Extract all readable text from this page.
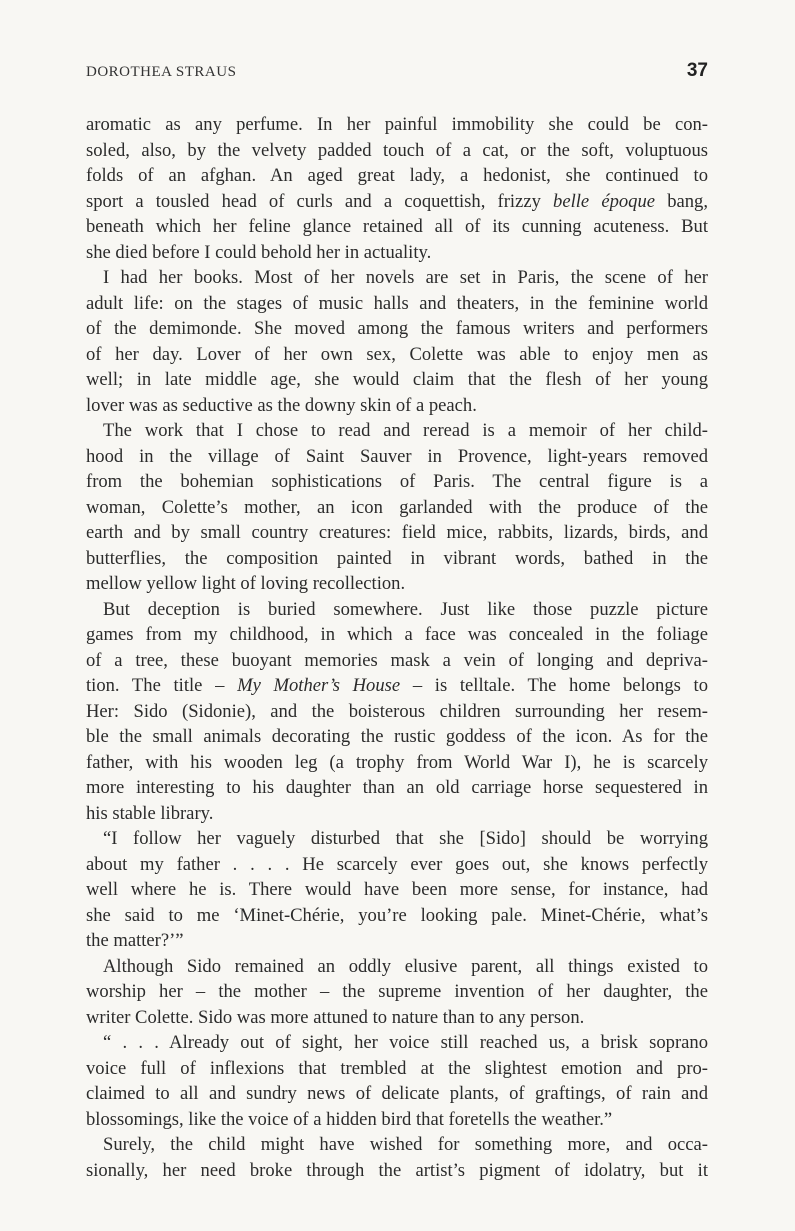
DOROTHEA STRAUS	37
aromatic as any perfume. In her painful immobility she could be con-
soled, also, by the velvety padded touch of a cat, or the soft, voluptuous
folds of an afghan. An aged great lady, a hedonist, she continued to
sport a tousled head of curls and a coquettish, frizzy belle époque bang,
beneath which her feline glance retained all of its cunning acuteness. But
she died before I could behold her in actuality.
I had her books. Most of her novels are set in Paris, the scene of her
adult life: on the stages of music halls and theaters, in the feminine world
of the demimonde. She moved among the famous writers and performers
of her day. Lover of her own sex, Colette was able to enjoy men as
well; in late middle age, she would claim that the flesh of her young
lover was as seductive as the downy skin of a peach.
The work that I chose to read and reread is a memoir of her child-
hood in the village of Saint Sauver in Provence, light-years removed
from the bohemian sophistications of Paris. The central figure is a
woman, Colette’s mother, an icon garlanded with the produce of the
earth and by small country creatures: field mice, rabbits, lizards, birds, and
butterflies, the composition painted in vibrant words, bathed in the
mellow yellow light of loving recollection.
But deception is buried somewhere. Just like those puzzle picture
games from my childhood, in which a face was concealed in the foliage
of a tree, these buoyant memories mask a vein of longing and depriva-
tion. The title – My Mother’s House – is telltale. The home belongs to
Her: Sido (Sidonie), and the boisterous children surrounding her resem-
ble the small animals decorating the rustic goddess of the icon. As for the
father, with his wooden leg (a trophy from World War I), he is scarcely
more interesting to his daughter than an old carriage horse sequestered in
his stable library.
“I follow her vaguely disturbed that she [Sido] should be worrying
about my father . . . . He scarcely ever goes out, she knows perfectly
well where he is. There would have been more sense, for instance, had
she said to me ‘Minet-Chérie, you’re looking pale. Minet-Chérie, what’s
the matter?’”
Although Sido remained an oddly elusive parent, all things existed to
worship her – the mother – the supreme invention of her daughter, the
writer Colette. Sido was more attuned to nature than to any person.
“ . . . Already out of sight, her voice still reached us, a brisk soprano
voice full of inflexions that trembled at the slightest emotion and pro-
claimed to all and sundry news of delicate plants, of graftings, of rain and
blossomings, like the voice of a hidden bird that foretells the weather.”
Surely, the child might have wished for something more, and occa-
sionally, her need broke through the artist’s pigment of idolatry, but it
